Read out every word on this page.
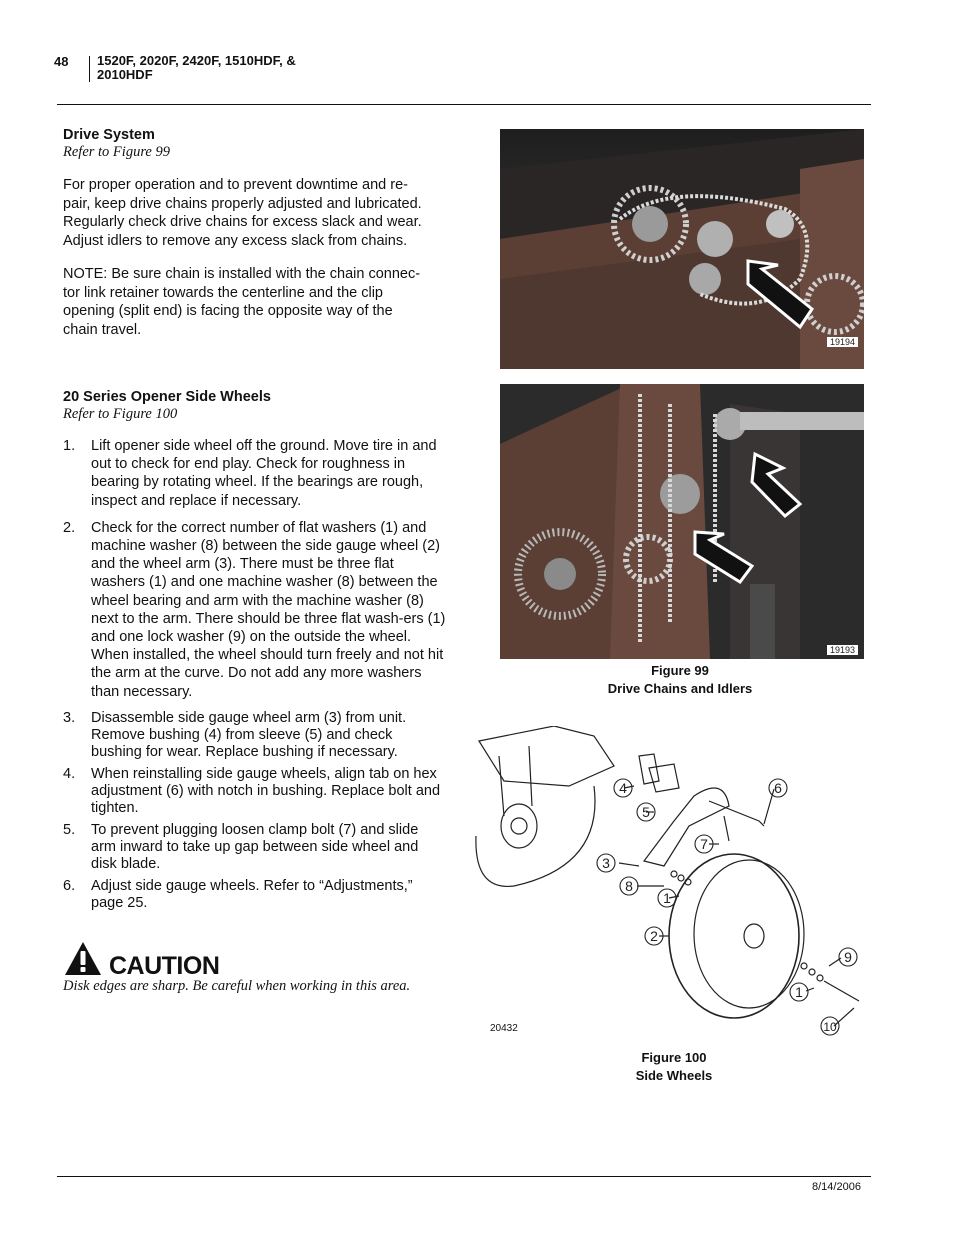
48 1520F, 2020F, 2420F, 1510HDF, &
2010HDF
Drive System
Refer to Figure 99
For proper operation and to prevent downtime and re-
pair, keep drive chains properly adjusted and lubricated.
Regularly check drive chains for excess slack and wear.
Adjust idlers to remove any excess slack from chains.
NOTE: Be sure chain is installed with the chain connec-
tor link retainer towards the centerline and the clip
opening (split end) is facing the opposite way of the
chain travel.
20 Series Opener Side Wheels
Refer to Figure 100
1. Lift opener side wheel off the ground. Move tire in and out to check for end play. Check for roughness in bearing by rotating wheel. If the bearings are rough, inspect and replace if necessary.
2. Check for the correct number of flat washers (1) and machine washer (8) between the side gauge wheel (2) and the wheel arm (3). There must be three flat washers (1) and one machine washer (8) between the wheel bearing and arm with the machine washer (8) next to the arm. There should be three flat wash-ers (1) and one lock washer (9) on the outside the wheel. When installed, the wheel should turn freely and not hit the arm at the curve. Do not add any more washers than necessary.
3. Disassemble side gauge wheel arm (3) from unit. Remove bushing (4) from sleeve (5) and check bushing for wear. Replace bushing if necessary.
4. When reinstalling side gauge wheels, align tab on hex adjustment (6) with notch in bushing. Replace bolt and tighten.
5. To prevent plugging loosen clamp bolt (7) and slide arm inward to take up gap between side wheel and disk blade.
6. Adjust side gauge wheels. Refer to “Adjustments,” page 25.
CAUTION
Disk edges are sharp. Be careful when working in this area.
19194
19193
Figure 99
Drive Chains and Idlers
4
5
6
7
3
8
1
2
9
1
10
20432
Figure 100
Side Wheels
8/14/2006
